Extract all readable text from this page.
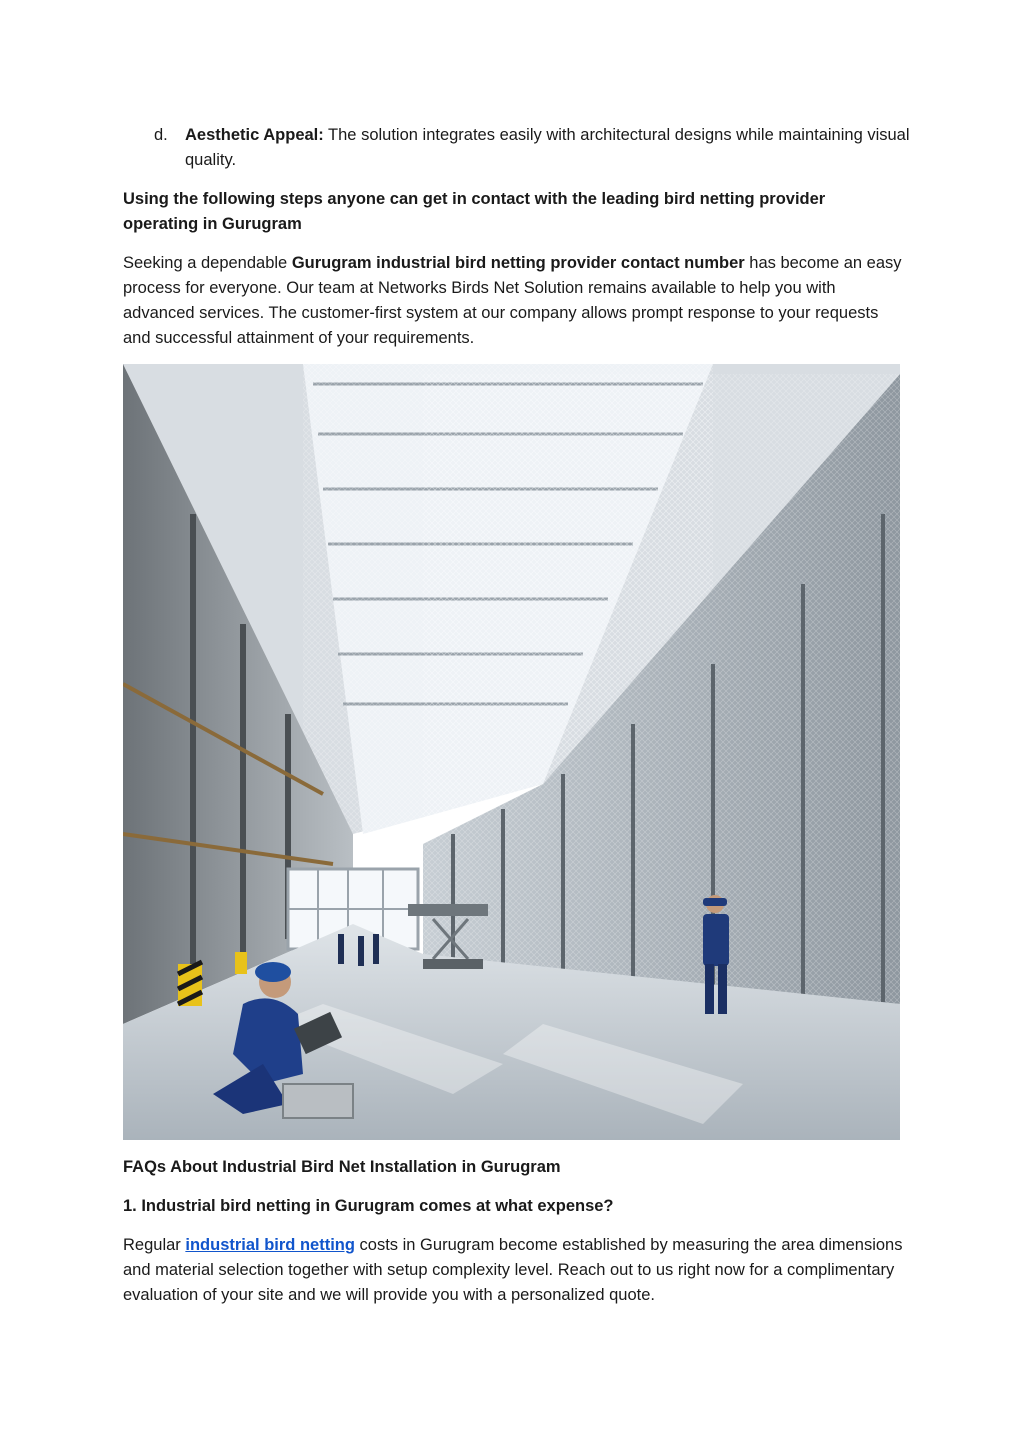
d. Aesthetic Appeal: The solution integrates easily with architectural designs while maintaining visual quality.
Using the following steps anyone can get in contact with the leading bird netting provider operating in Gurugram
Seeking a dependable Gurugram industrial bird netting provider contact number has become an easy process for everyone. Our team at Networks Birds Net Solution remains available to help you with advanced services. The customer-first system at our company allows prompt response to your requests and successful attainment of your requirements.
FAQs About Industrial Bird Net Installation in Gurugram
1. Industrial bird netting in Gurugram comes at what expense?
Regular industrial bird netting costs in Gurugram become established by measuring the area dimensions and material selection together with setup complexity level. Reach out to us right now for a complimentary evaluation of your site and we will provide you with a personalized quote.
